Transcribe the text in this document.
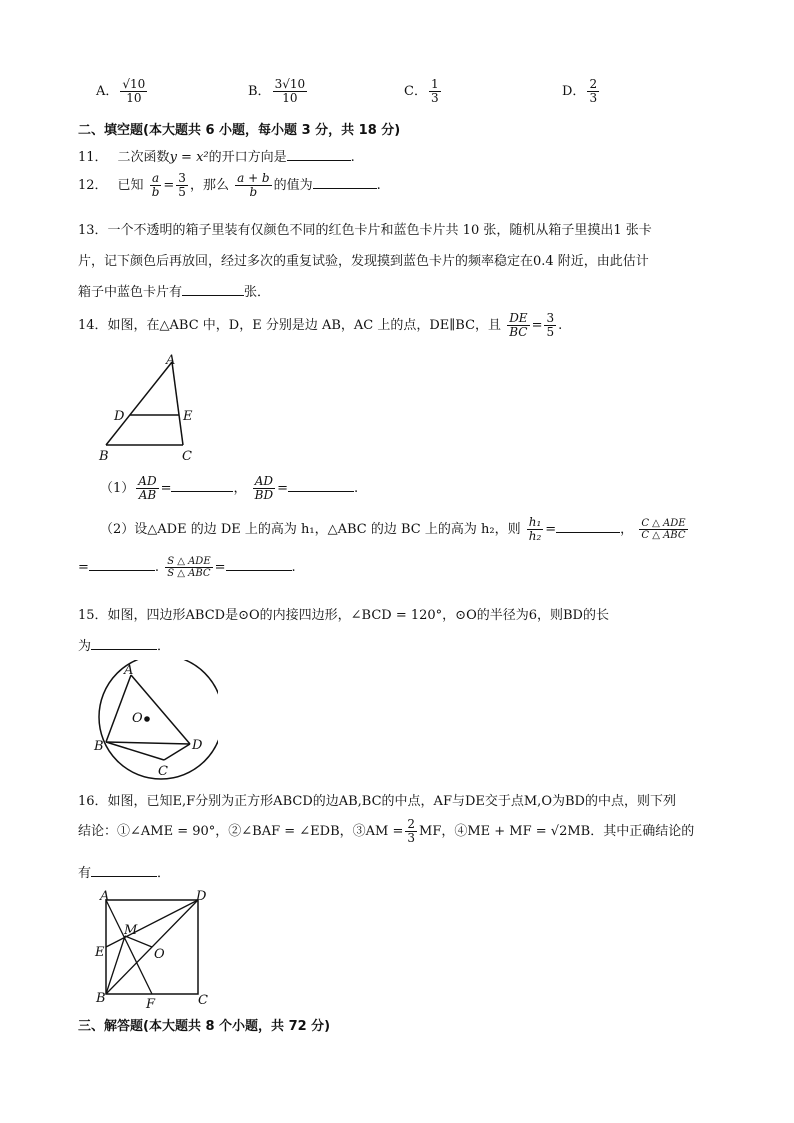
A． $\frac{√10}{10}$	B． $\frac{3√10}{10}$	C． $\frac{1}{3}$	D． $\frac{2}{3}$
二、填空题(本大题共 6 小题，每小题 3 分，共 18 分)
11． 二次函数y = x²的开口方向是	.
12． 已知 $\frac{a}{b} = \frac{3}{5}$ ，那么 $\frac{a + b}{b}$ 的值为	.
13．一个不透明的箱子里装有仅颜色不同的红色卡片和蓝色卡片共 10 张，随机从箱子里摸出1 张卡
片，记下颜色后再放回，经过多次的重复试验，发现摸到蓝色卡片的频率稳定在0.4 附近，由此估计
箱子中蓝色卡片有	张．
14．如图，在△ABC 中，D，E 分别是边 AB，AC 上的点，DE∥BC，且 $\frac{DE}{BC} = \frac{3}{5}$ .
A
D	E
B	C
$(1) \frac{AD}{AB}$ =	， $\frac{AD}{BD}$ =	.
（2）设△ADE 的边 DE 上的高为 h₁，△ABC 的边 BC 上的高为 h₂，则 $\frac{\text{h₁}}{\text{h₂}}$ =	， $\frac{\text{C △ ADE}}{\text{C △ ABC}}$
=	. $\frac{\text{S △ ADE}}{\text{S △ ABC}}$ =	.
15．如图，四边形ABCD是⊙O的内接四边形，∠BCD = 120°，⊙O的半径为6，则BD的长
为	．
A
O
B	D
C
16．如图，已知E,F分别为正方形ABCD的边AB,BC的中点，AF与DE交于点M,O为BD的中点，则下列
结论：①∠AME = 90°，②∠BAF = ∠EDB，③AM = $\frac{2}{3}$ MF，④ME + MF = √2MB．其中正确结论的
有	．
A	D
M
E	O
B	F	C
三、解答题(本大题共 8 个小题，共 72 分)
